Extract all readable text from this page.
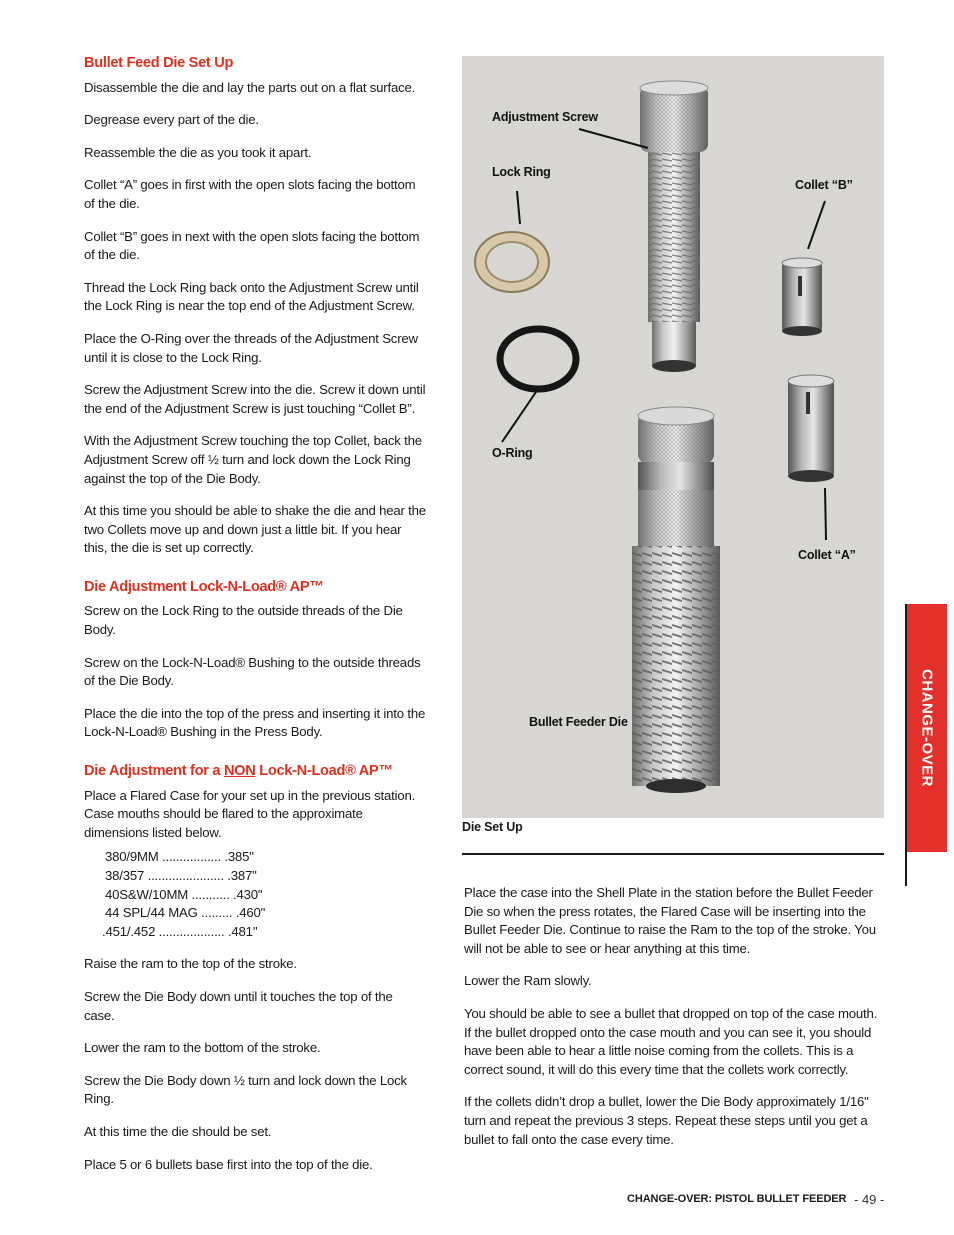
Bullet Feed Die Set Up

Disassemble the die and lay the parts out on a flat surface.

Degrease every part of the die.

Reassemble the die as you took it apart.

Collet “A” goes in first with the open slots facing the bottom of the die.

Collet “B” goes in next with the open slots facing the bottom of the die.

Thread the Lock Ring back onto the Adjustment Screw until the Lock Ring is near the top end of the Adjustment Screw.

Place the O-Ring over the threads of the Adjustment Screw until it is close to the Lock Ring.

Screw the Adjustment Screw into the die. Screw it down until the end of the Adjustment Screw is just touching “Collet B”.

With the Adjustment Screw touching the top Collet, back the Adjustment Screw off ½ turn and lock down the Lock Ring against the top of the Die Body.

At this time you should be able to shake the die and hear the two Collets move up and down just a little bit. If you hear this, the die is set up correctly.

Die Adjustment Lock-N-Load® AP™

Screw on the Lock Ring to the outside threads of the Die Body.

Screw on the Lock-N-Load® Bushing to the outside threads of the Die Body.

Place the die into the top of the press and inserting it into the Lock-N-Load® Bushing in the Press Body.

Die Adjustment for a NON Lock-N-Load® AP™

Place a Flared Case for your set up in the previous station. Case mouths should be flared to the approximate dimensions listed below.

380/9MM ................. .385"
38/357 ...................... .387"
40S&W/10MM ........... .430"
44 SPL/44 MAG ......... .460"
.451/.452 ................... .481"

Raise the ram to the top of the stroke.

Screw the Die Body down until it touches the top of the case.

Lower the ram to the bottom of the stroke.

Screw the Die Body down ½ turn and lock down the Lock Ring.

At this time the die should be set.

Place 5 or 6 bullets base first into the top of the die.

Adjustment Screw
Lock Ring
Collet “B”
O-Ring
Collet “A”
Bullet Feeder Die
Die Set Up

Place the case into the Shell Plate in the station before the Bullet Feeder Die so when the press rotates, the Flared Case will be inserting into the Bullet Feeder Die. Continue to raise the Ram to the top of the stroke. You will not be able to see or hear anything at this time.

Lower the Ram slowly.

You should be able to see a bullet that dropped on top of the case mouth. If the bullet dropped onto the case mouth and you can see it, you should have been able to hear a little noise coming from the collets. This is a correct sound, it will do this every time that the collets work correctly.

If the collets didn’t drop a bullet, lower the Die Body approximately 1/16" turn and repeat the previous 3 steps. Repeat these steps until you get a bullet to fall onto the case every time.

CHANGE-OVER
CHANGE-OVER: PISTOL BULLET FEEDER - 49 -
